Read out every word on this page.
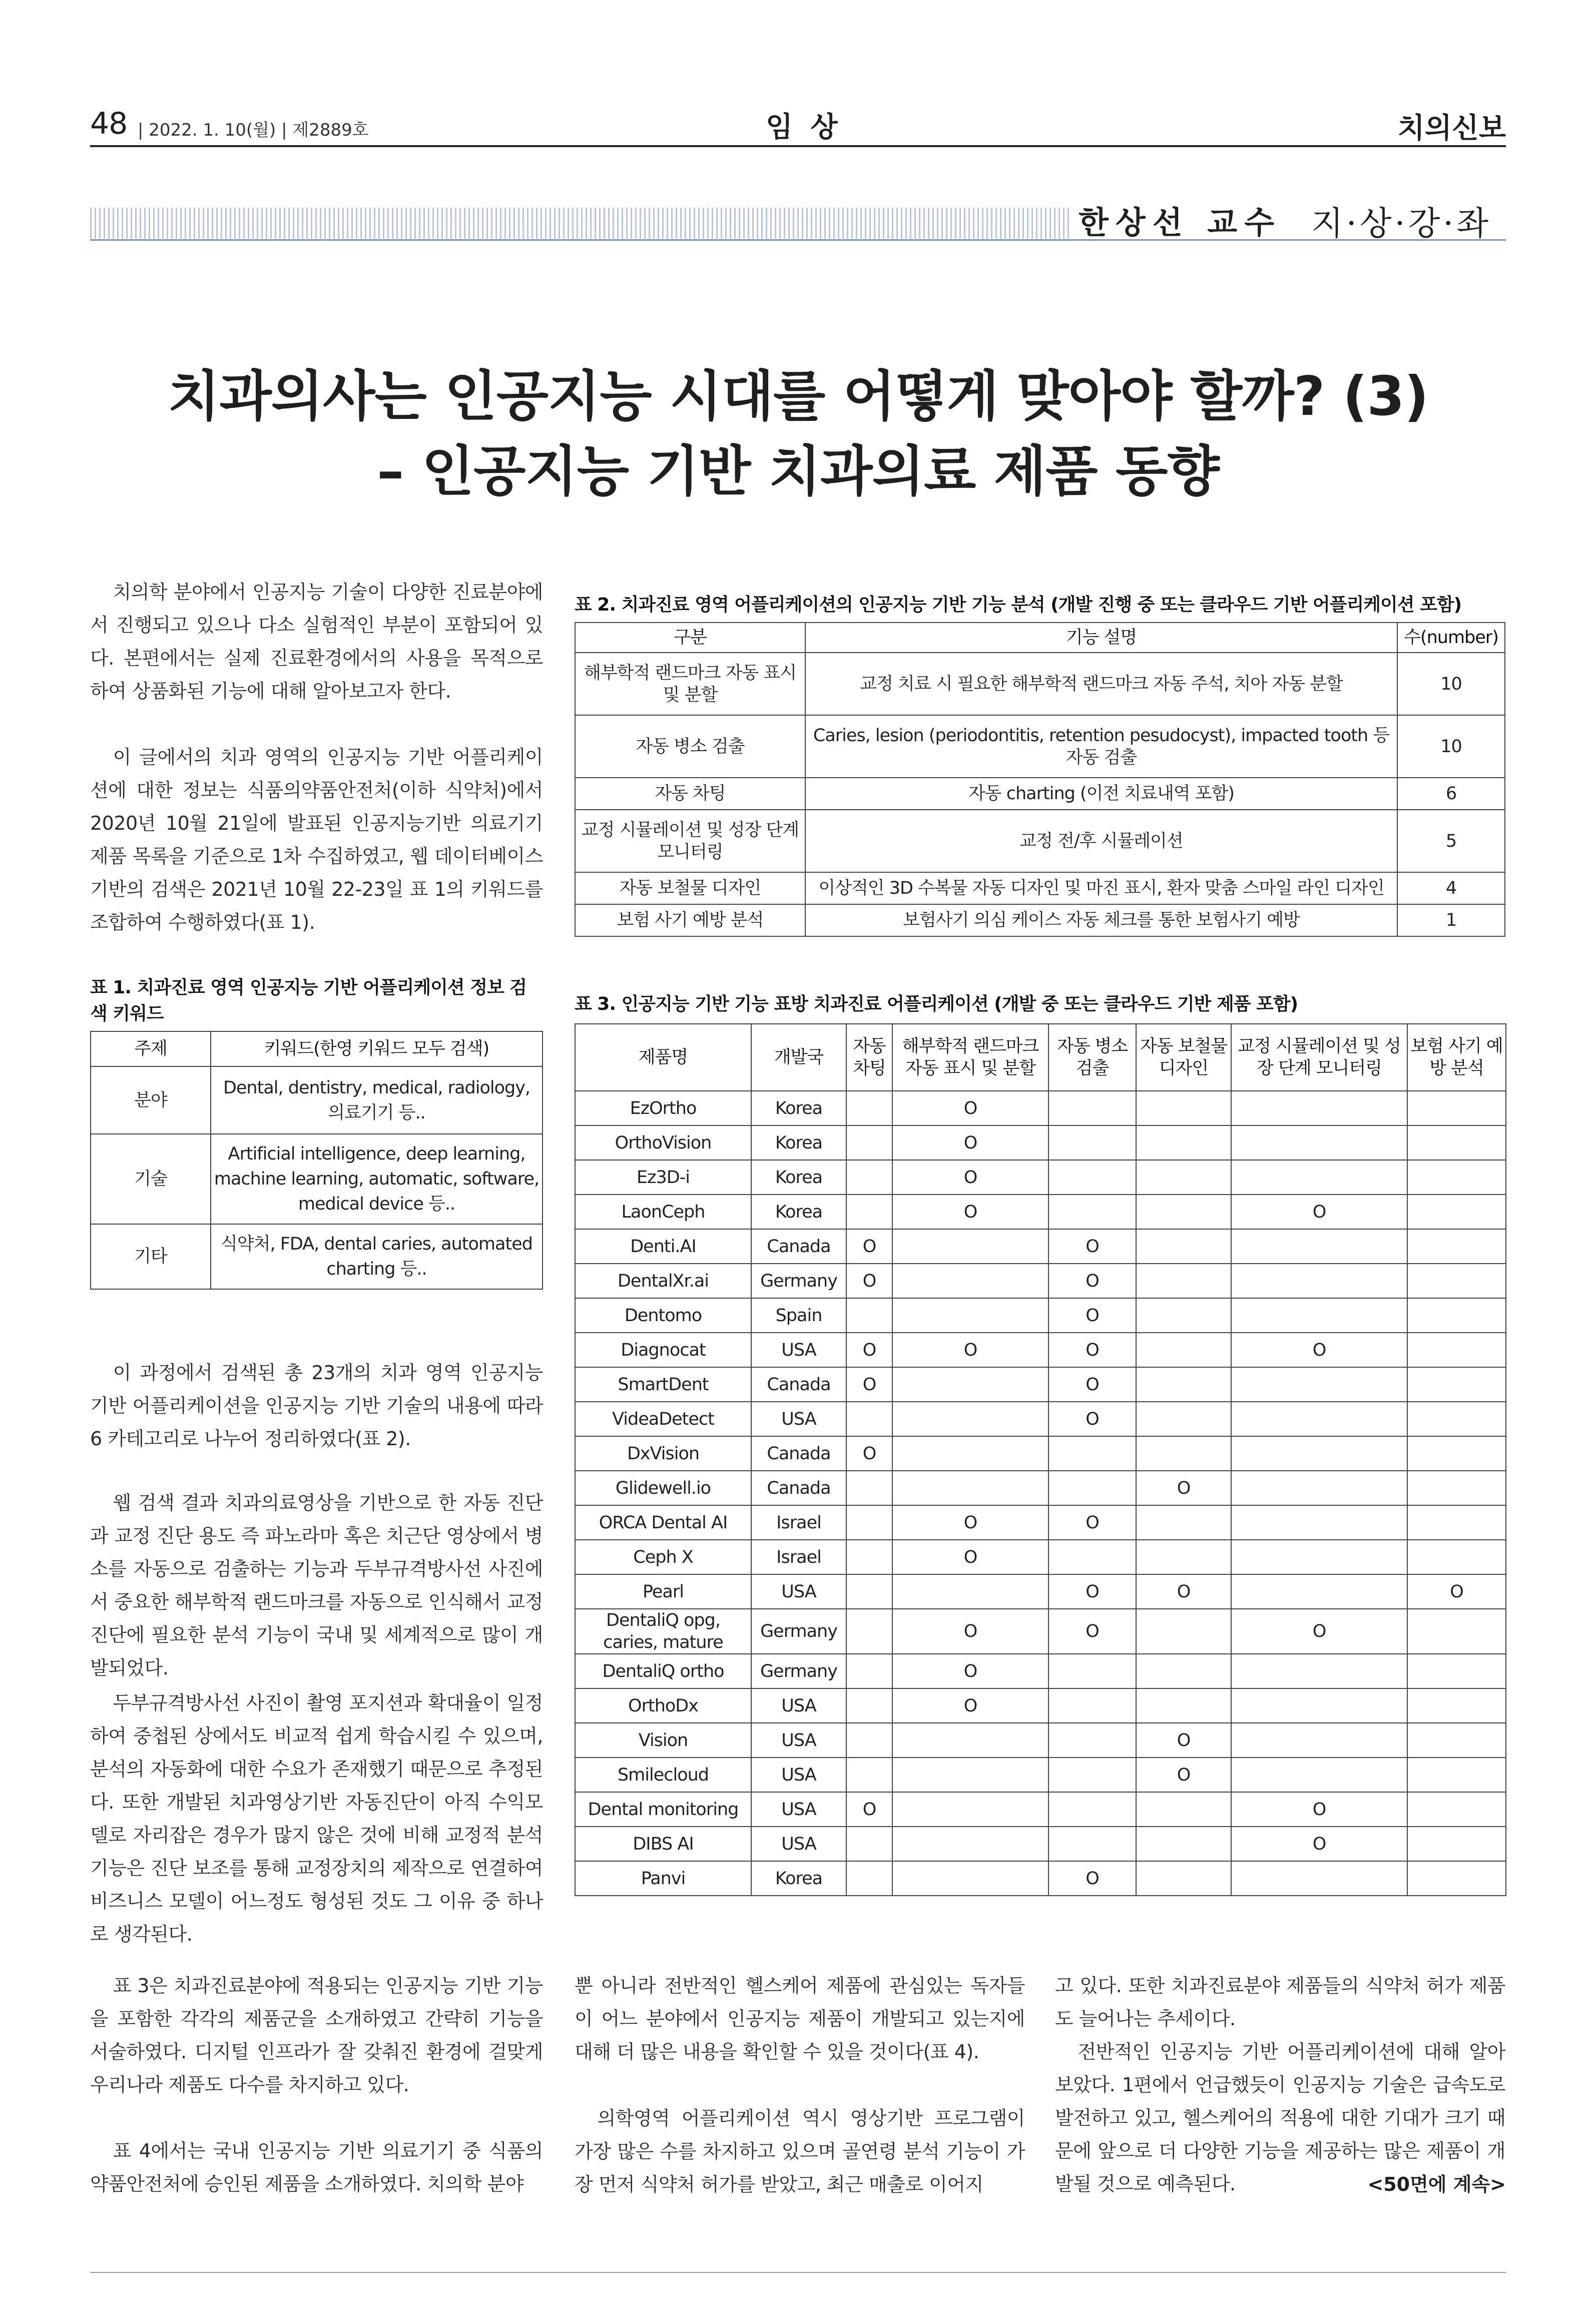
48 | 2022. 1. 10(월) | 제2889호	임 상	치의신보
한상선 교수 지·상·강·좌
치과의사는 인공지능 시대를 어떻게 맞아야 할까? (3)
– 인공지능 기반 치과의료 제품 동향

치의학 분야에서 인공지능 기술이 다양한 진료분야에서 진행되고 있으나 다소 실험적인 부분이 포함되어 있다. 본편에서는 실제 진료환경에서의 사용을 목적으로 하여 상품화된 기능에 대해 알아보고자 한다.

이 글에서의 치과 영역의 인공지능 기반 어플리케이션에 대한 정보는 식품의약품안전처(이하 식약처)에서 2020년 10월 21일에 발표된 인공지능기반 의료기기 제품 목록을 기준으로 1차 수집하였고, 웹 데이터베이스 기반의 검색은 2021년 10월 22-23일 표 1의 키워드를 조합하여 수행하였다(표 1).

표 1. 치과진료 영역 인공지능 기반 어플리케이션 정보 검
색 키워드
주제	키워드(한영 키워드 모두 검색)
분야	Dental, dentistry, medical, radiology, 의료기기 등..
기술	Artificial intelligence, deep learning, machine learning, automatic, software, medical device 등..
기타	식약처, FDA, dental caries, automated charting 등..

이 과정에서 검색된 총 23개의 치과 영역 인공지능 기반 어플리케이션을 인공지능 기반 기술의 내용에 따라 6 카테고리로 나누어 정리하였다(표 2).

웹 검색 결과 치과의료영상을 기반으로 한 자동 진단과 교정 진단 용도 즉 파노라마 혹은 치근단 영상에서 병소를 자동으로 검출하는 기능과 두부규격방사선 사진에서 중요한 해부학적 랜드마크를 자동으로 인식해서 교정진단에 필요한 분석 기능이 국내 및 세계적으로 많이 개발되었다.

두부규격방사선 사진이 촬영 포지션과 확대율이 일정하여 중첩된 상에서도 비교적 쉽게 학습시킬 수 있으며, 분석의 자동화에 대한 수요가 존재했기 때문으로 추정된다. 또한 개발된 치과영상기반 자동진단이 아직 수익모델로 자리잡은 경우가 많지 않은 것에 비해 교정적 분석 기능은 진단 보조를 통해 교정장치의 제작으로 연결하여 비즈니스 모델이 어느정도 형성된 것도 그 이유 중 하나로 생각된다.

표 2. 치과진료 영역 어플리케이션의 인공지능 기반 기능 분석 (개발 진행 중 또는 클라우드 기반 어플리케이션 포함)
구분	기능 설명	수(number)
해부학적 랜드마크 자동 표시 및 분할	교정 치료 시 필요한 해부학적 랜드마크 자동 주석, 치아 자동 분할	10
자동 병소 검출	Caries, lesion (periodontitis, retention pesudocyst), impacted tooth 등 자동 검출	10
자동 차팅	자동 charting (이전 치료내역 포함)	6
교정 시뮬레이션 및 성장 단계 모니터링	교정 전/후 시뮬레이션	5
자동 보철물 디자인	이상적인 3D 수복물 자동 디자인 및 마진 표시, 환자 맞춤 스마일 라인 디자인	4
보험 사기 예방 분석	보험사기 의심 케이스 자동 체크를 통한 보험사기 예방	1
표 3. 인공지능 기반 기능 표방 치과진료 어플리케이션 (개발 중 또는 클라우드 기반 제품 포함)
제품명	개발국	자동 차팅	해부학적 랜드마크 자동 표시 및 분할	자동 병소 검출	자동 보철물 디자인	교정 시뮬레이션 및 성장 단계 모니터링	보험 사기 예방 분석
EzOrtho	Korea		O				
OrthoVision	Korea		O				
Ez3D-i	Korea		O				
LaonCeph	Korea		O			O	
Denti.AI	Canada	O		O			
DentalXr.ai	Germany	O		O			
Dentomo	Spain			O			
Diagnocat	USA	O	O	O		O	
SmartDent	Canada	O		O			
VideaDetect	USA			O			
DxVision	Canada	O					
Glidewell.io	Canada				O		
ORCA Dental AI	Israel		O	O			
Ceph X	Israel		O				
Pearl	USA			O	O		O
DentaliQ opg, caries, mature	Germany		O	O		O	
DentaliQ ortho	Germany		O				
OrthoDx	USA		O				
Vision	USA				O		
Smilecloud	USA				O		
Dental monitoring	USA	O				O	
DIBS AI	USA					O	
Panvi	Korea			O			

표 3은 치과진료분야에 적용되는 인공지능 기반 기능을 포함한 각각의 제품군을 소개하였고 간략히 기능을 서술하였다. 디지털 인프라가 잘 갖춰진 환경에 걸맞게 우리나라 제품도 다수를 차지하고 있다.

표 4에서는 국내 인공지능 기반 의료기기 중 식품의약품안전처에 승인된 제품을 소개하였다. 치의학 분야

뿐 아니라 전반적인 헬스케어 제품에 관심있는 독자들이 어느 분야에서 인공지능 제품이 개발되고 있는지에 대해 더 많은 내용을 확인할 수 있을 것이다(표 4).

의학영역 어플리케이션 역시 영상기반 프로그램이 가장 많은 수를 차지하고 있으며 골연령 분석 기능이 가장 먼저 식약처 허가를 받았고, 최근 매출로 이어지

고 있다. 또한 치과진료분야 제품들의 식약처 허가 제품도 늘어나는 추세이다.

전반적인 인공지능 기반 어플리케이션에 대해 알아보았다. 1편에서 언급했듯이 인공지능 기술은 급속도로 발전하고 있고, 헬스케어의 적용에 대한 기대가 크기 때문에 앞으로 더 다양한 기능을 제공하는 많은 제품이 개발될 것으로 예측된다.	<50면에 계속>
